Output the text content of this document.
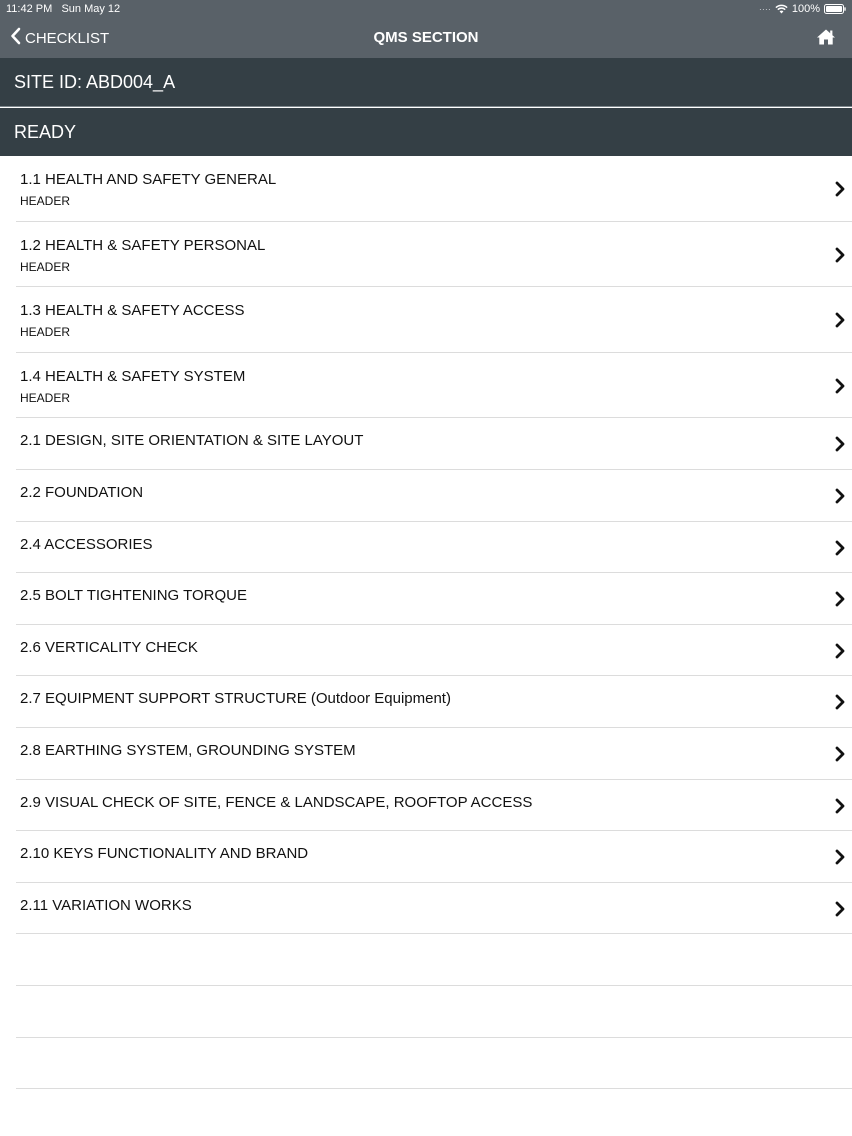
11:42 PM Sun May 12	···· 100%
CHECKLIST	QMS SECTION
SITE ID: ABD004_A
READY
1.1 HEALTH AND SAFETY GENERAL
HEADER
1.2 HEALTH & SAFETY PERSONAL
HEADER
1.3 HEALTH & SAFETY ACCESS
HEADER
1.4 HEALTH & SAFETY SYSTEM
HEADER
2.1 DESIGN, SITE ORIENTATION & SITE LAYOUT
2.2 FOUNDATION
2.4 ACCESSORIES
2.5 BOLT TIGHTENING TORQUE
2.6 VERTICALITY CHECK
2.7 EQUIPMENT SUPPORT STRUCTURE (Outdoor Equipment)
2.8 EARTHING SYSTEM, GROUNDING SYSTEM
2.9 VISUAL CHECK OF SITE, FENCE & LANDSCAPE, ROOFTOP ACCESS
2.10 KEYS FUNCTIONALITY AND BRAND
2.11 VARIATION WORKS
